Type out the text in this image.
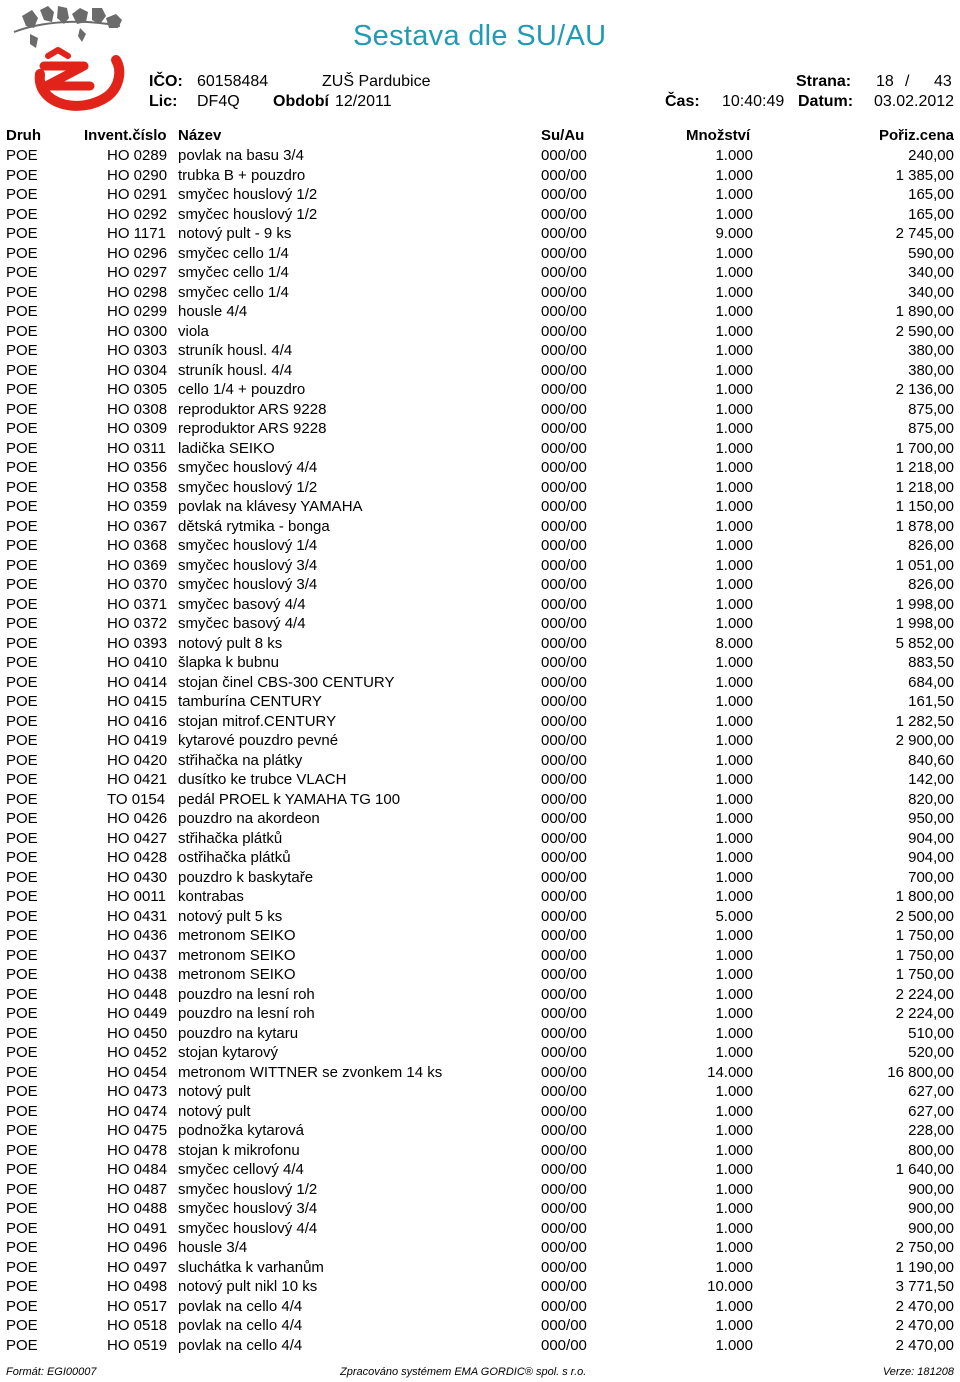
Sestava dle SU/AU
IČO: 60158484	ZUŠ Pardubice	Strana: 18 / 43
Lic: DF4Q Období 12/2011	Čas: 10:40:49 Datum: 03.02.2012
Druh	Invent.číslo Název	Su/Au	Množství	Pořiz.cena
POE	HO 0289 povlak na basu 3/4	000/00	1.000	240,00
POE	HO 0290 trubka B + pouzdro	000/00	1.000	1 385,00
POE	HO 0291 smyčec houslový 1/2	000/00	1.000	165,00
POE	HO 0292 smyčec houslový 1/2	000/00	1.000	165,00
POE	HO 1171 notový pult - 9 ks	000/00	9.000	2 745,00
POE	HO 0296 smyčec cello 1/4	000/00	1.000	590,00
POE	HO 0297 smyčec cello 1/4	000/00	1.000	340,00
POE	HO 0298 smyčec cello 1/4	000/00	1.000	340,00
POE	HO 0299 housle 4/4	000/00	1.000	1 890,00
POE	HO 0300 viola	000/00	1.000	2 590,00
POE	HO 0303 struník housl. 4/4	000/00	1.000	380,00
POE	HO 0304 struník housl. 4/4	000/00	1.000	380,00
POE	HO 0305 cello 1/4 + pouzdro	000/00	1.000	2 136,00
POE	HO 0308 reproduktor ARS 9228	000/00	1.000	875,00
POE	HO 0309 reproduktor ARS 9228	000/00	1.000	875,00
POE	HO 0311 ladička SEIKO	000/00	1.000	1 700,00
POE	HO 0356 smyčec houslový 4/4	000/00	1.000	1 218,00
POE	HO 0358 smyčec houslový 1/2	000/00	1.000	1 218,00
POE	HO 0359 povlak na klávesy YAMAHA	000/00	1.000	1 150,00
POE	HO 0367 dětská rytmika - bonga	000/00	1.000	1 878,00
POE	HO 0368 smyčec houslový 1/4	000/00	1.000	826,00
POE	HO 0369 smyčec houslový 3/4	000/00	1.000	1 051,00
POE	HO 0370 smyčec houslový 3/4	000/00	1.000	826,00
POE	HO 0371 smyčec basový 4/4	000/00	1.000	1 998,00
POE	HO 0372 smyčec basový 4/4	000/00	1.000	1 998,00
POE	HO 0393 notový pult 8 ks	000/00	8.000	5 852,00
POE	HO 0410 šlapka k bubnu	000/00	1.000	883,50
POE	HO 0414 stojan činel CBS-300 CENTURY	000/00	1.000	684,00
POE	HO 0415 tamburína CENTURY	000/00	1.000	161,50
POE	HO 0416 stojan mitrof.CENTURY	000/00	1.000	1 282,50
POE	HO 0419 kytarové pouzdro pevné	000/00	1.000	2 900,00
POE	HO 0420 střihačka na plátky	000/00	1.000	840,60
POE	HO 0421 dusítko ke trubce VLACH	000/00	1.000	142,00
POE	TO 0154 pedál PROEL k YAMAHA TG 100	000/00	1.000	820,00
POE	HO 0426 pouzdro na akordeon	000/00	1.000	950,00
POE	HO 0427 střihačka plátků	000/00	1.000	904,00
POE	HO 0428 ostřihačka plátků	000/00	1.000	904,00
POE	HO 0430 pouzdro k baskytaře	000/00	1.000	700,00
POE	HO 0011 kontrabas	000/00	1.000	1 800,00
POE	HO 0431 notový pult 5 ks	000/00	5.000	2 500,00
POE	HO 0436 metronom SEIKO	000/00	1.000	1 750,00
POE	HO 0437 metronom SEIKO	000/00	1.000	1 750,00
POE	HO 0438 metronom SEIKO	000/00	1.000	1 750,00
POE	HO 0448 pouzdro na lesní roh	000/00	1.000	2 224,00
POE	HO 0449 pouzdro na lesní roh	000/00	1.000	2 224,00
POE	HO 0450 pouzdro na kytaru	000/00	1.000	510,00
POE	HO 0452 stojan kytarový	000/00	1.000	520,00
POE	HO 0454 metronom WITTNER se zvonkem 14 ks	000/00	14.000	16 800,00
POE	HO 0473 notový pult	000/00	1.000	627,00
POE	HO 0474 notový pult	000/00	1.000	627,00
POE	HO 0475 podnožka kytarová	000/00	1.000	228,00
POE	HO 0478 stojan k mikrofonu	000/00	1.000	800,00
POE	HO 0484 smyčec cellový 4/4	000/00	1.000	1 640,00
POE	HO 0487 smyčec houslový 1/2	000/00	1.000	900,00
POE	HO 0488 smyčec houslový 3/4	000/00	1.000	900,00
POE	HO 0491 smyčec houslový 4/4	000/00	1.000	900,00
POE	HO 0496 housle 3/4	000/00	1.000	2 750,00
POE	HO 0497 sluchátka k varhanům	000/00	1.000	1 190,00
POE	HO 0498 notový pult nikl 10 ks	000/00	10.000	3 771,50
POE	HO 0517 povlak na cello 4/4	000/00	1.000	2 470,00
POE	HO 0518 povlak na cello 4/4	000/00	1.000	2 470,00
POE	HO 0519 povlak na cello 4/4	000/00	1.000	2 470,00
Formát: EGI00007	Zpracováno systémem EMA GORDIC® spol. s r.o.	Verze: 181208
